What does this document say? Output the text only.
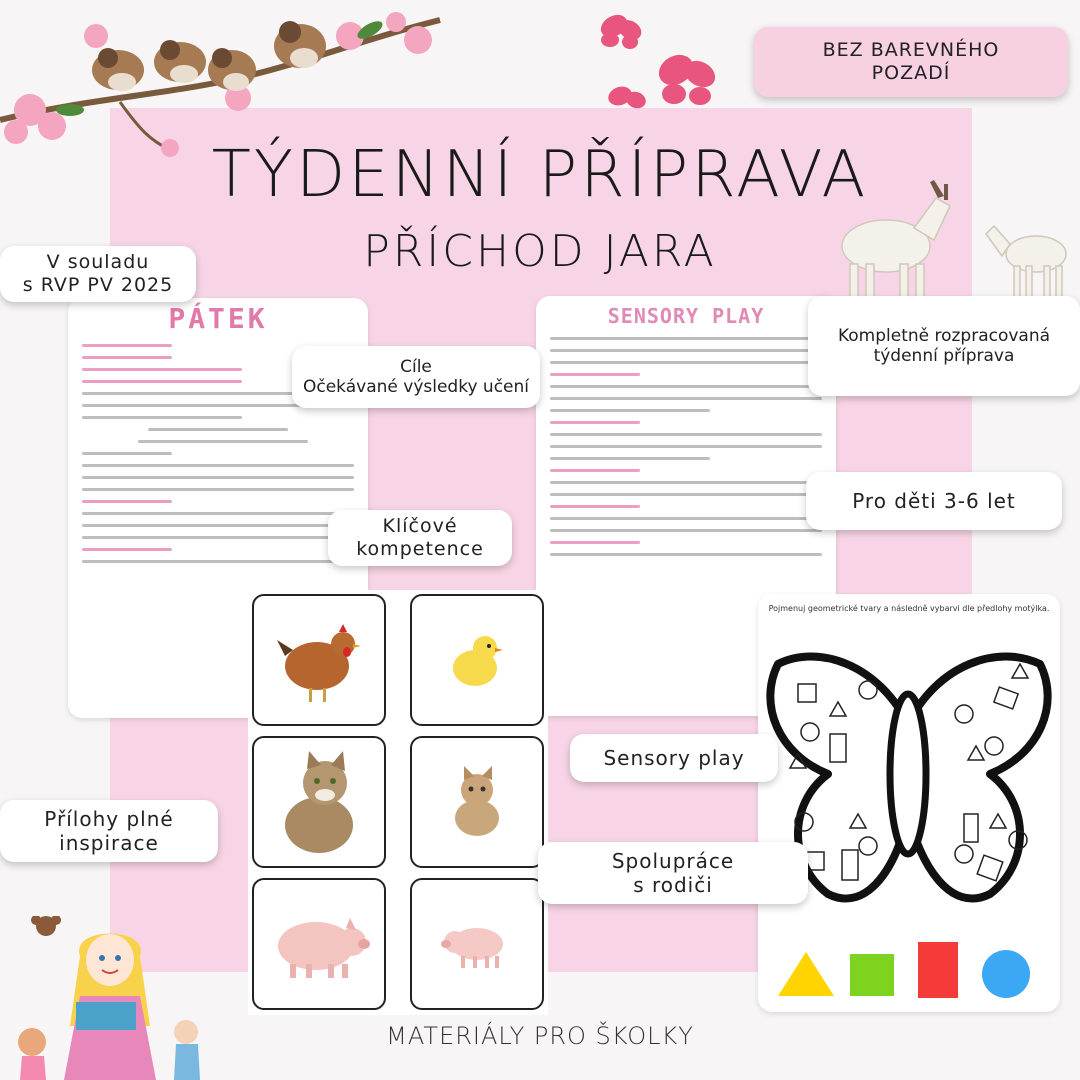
TÝDENNÍ PŘÍPRAVA
PŘÍCHOD JARA
PÁTEK	SENSORY PLAY
Pojmenuj geometrické tvary a následně vybarvi dle předlohy motýlka.
MATERIÁLY PRO ŠKOLKY
BEZ BAREVNÉHO
POZADÍ
V souladu
s RVP PV 2025
Kompletně rozpracovaná
týdenní příprava
Cíle
Očekávané výsledky učení
Pro děti 3-6 let
Klíčové
kompetence
Sensory play
Přílohy plné
inspirace
Spolupráce
s rodiči
